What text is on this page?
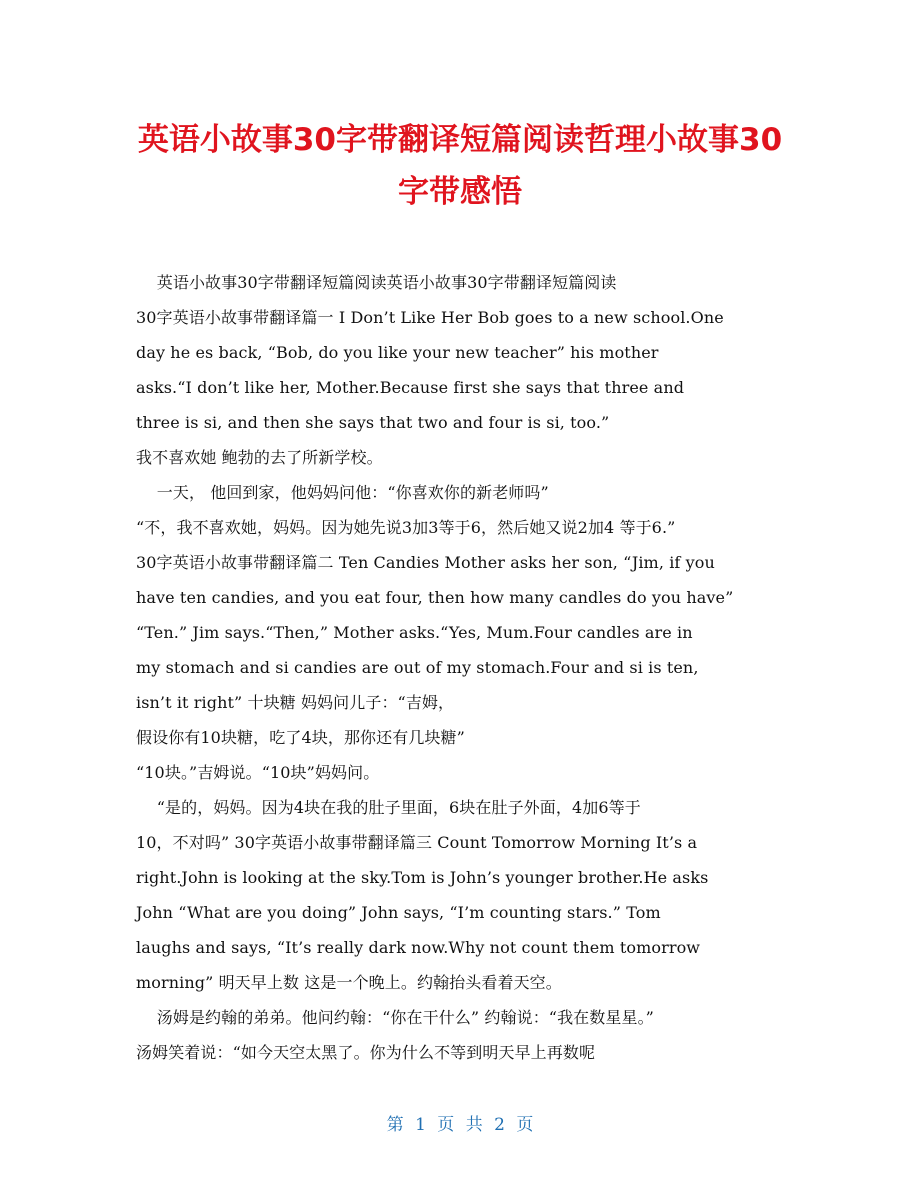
英语小故事30字带翻译短篇阅读哲理小故事30
字带感悟

英语小故事30字带翻译短篇阅读英语小故事30字带翻译短篇阅读

30字英语小故事带翻译篇一 I Don’t Like Her Bob goes to a new school.One

day he es back, “Bob, do you like your new teacher” his mother

asks.“I don’t like her, Mother.Because first she says that three and

three is si, and then she says that two and four is si, too.”

我不喜欢她 鲍勃的去了所新学校。

一天， 他回到家，他妈妈问他：“你喜欢你的新老师吗”

“不，我不喜欢她，妈妈。因为她先说3加3等于6，然后她又说2加4 等于6.”

30字英语小故事带翻译篇二 Ten Candies Mother asks her son, “Jim, if you

have ten candies, and you eat four, then how many candles do you have”

“Ten.” Jim says.“Then,” Mother asks.“Yes, Mum.Four candles are in

my stomach and si candies are out of my stomach.Four and si is ten,

isn’t it right” 十块糖 妈妈问儿子：“吉姆，

假设你有10块糖，吃了4块，那你还有几块糖”

“10块。”吉姆说。“10块”妈妈问。

“是的，妈妈。因为4块在我的肚子里面，6块在肚子外面，4加6等于

10，不对吗” 30字英语小故事带翻译篇三 Count Tomorrow Morning It’s a

right.John is looking at the sky.Tom is John’s younger brother.He asks

John “What are you doing” John says, “I’m counting stars.” Tom

laughs and says, “It’s really dark now.Why not count them tomorrow

morning” 明天早上数 这是一个晚上。约翰抬头看着天空。

汤姆是约翰的弟弟。他问约翰：“你在干什么” 约翰说：“我在数星星。”

汤姆笑着说：“如今天空太黑了。你为什么不等到明天早上再数呢

第 1 页 共 2 页
